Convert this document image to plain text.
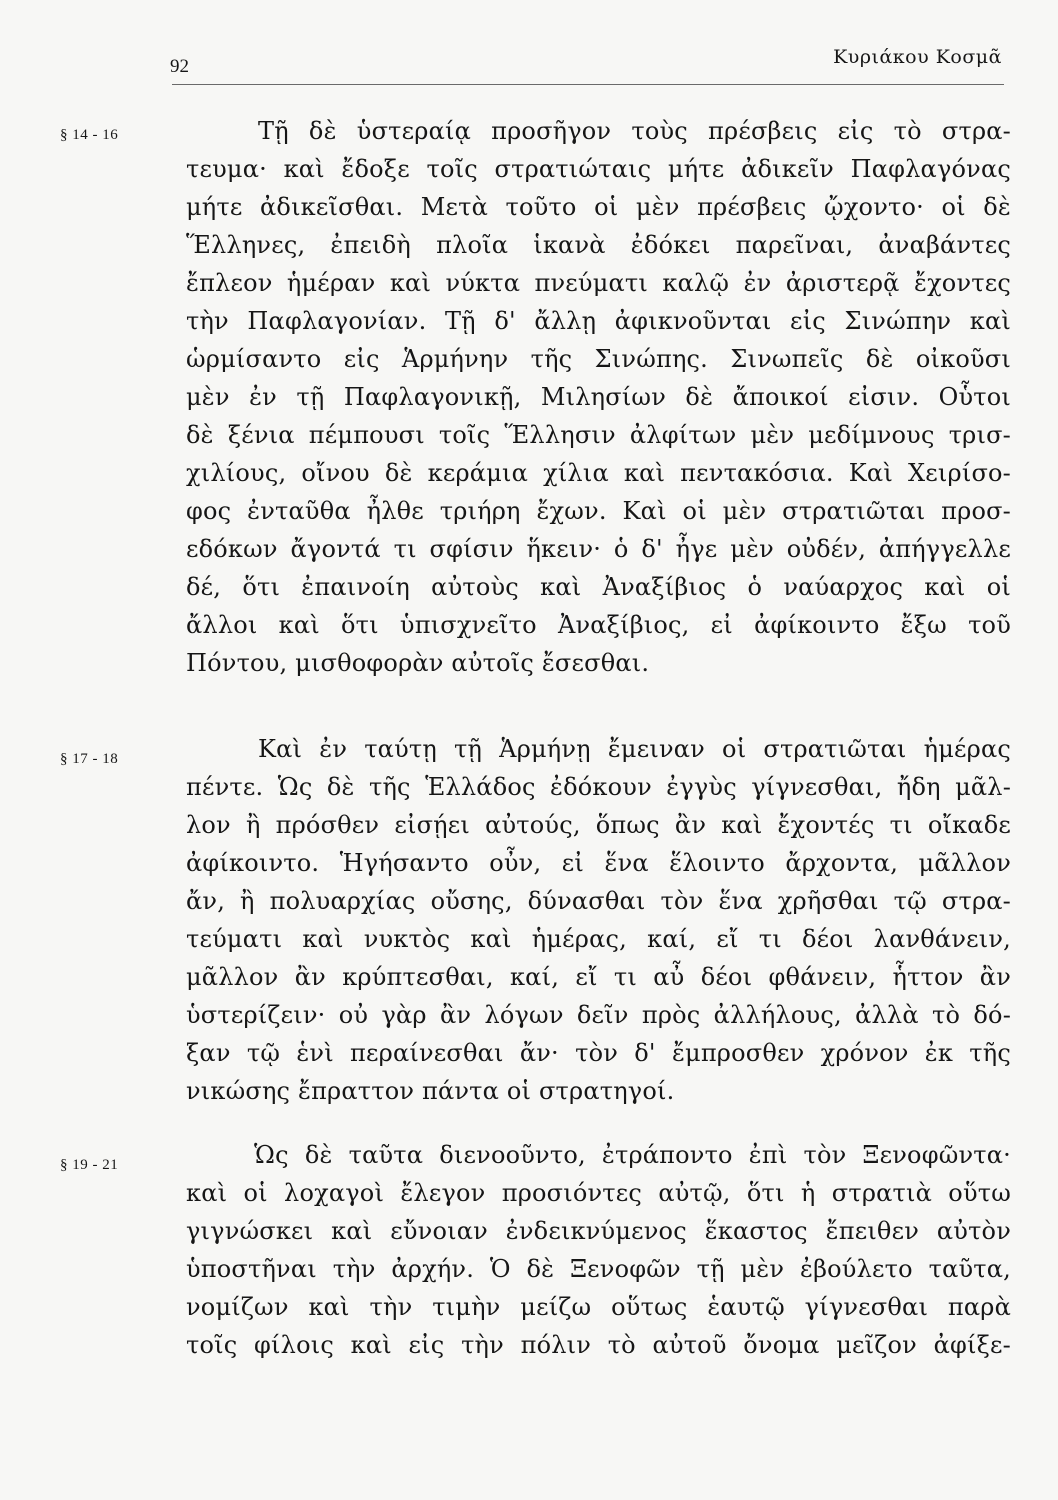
92	Κυριάκου Κοσμᾶ
§ 14 - 16	Τῇ δὲ ὑστεραίᾳ προσῆγον τοὺς πρέσβεις εἰς τὸ στρα-
τευμα· καὶ ἔδοξε τοῖς στρατιώταις μήτε ἀδικεῖν Παφλαγόνας
μήτε ἀδικεῖσθαι. Μετὰ τοῦτο οἱ μὲν πρέσβεις ᾤχοντο· οἱ δὲ
Ἕλληνες, ἐπειδὴ πλοῖα ἱκανὰ ἐδόκει παρεῖναι, ἀναβάντες
ἔπλεον ἡμέραν καὶ νύκτα πνεύματι καλῷ ἐν ἀριστερᾷ ἔχοντες
τὴν Παφλαγονίαν. Τῇ δ' ἄλλῃ ἀφικνοῦνται εἰς Σινώπην καὶ
ὡρμίσαντο εἰς Ἁρμήνην τῆς Σινώπης. Σινωπεῖς δὲ οἰκοῦσι
μὲν ἐν τῇ Παφλαγονικῇ, Μιλησίων δὲ ἄποικοί εἰσιν. Οὗτοι
δὲ ξένια πέμπουσι τοῖς Ἕλλησιν ἀλφίτων μὲν μεδίμνους τρισ-
χιλίους, οἴνου δὲ κεράμια χίλια καὶ πεντακόσια. Καὶ Χειρίσο-
φος ἐνταῦθα ἦλθε τριήρη ἔχων. Καὶ οἱ μὲν στρατιῶται προσ-
εδόκων ἄγοντά τι σφίσιν ἥκειν· ὁ δ' ἦγε μὲν οὐδέν, ἀπήγγελλε
δέ, ὅτι ἐπαινοίη αὐτοὺς καὶ Ἀναξίβιος ὁ ναύαρχος καὶ οἱ
ἄλλοι καὶ ὅτι ὑπισχνεῖτο Ἀναξίβιος, εἰ ἀφίκοιντο ἔξω τοῦ
Πόντου, μισθοφορὰν αὐτοῖς ἔσεσθαι.
§ 17 - 18	Καὶ ἐν ταύτῃ τῇ Ἁρμήνῃ ἔμειναν οἱ στρατιῶται ἡμέρας
πέντε. Ὡς δὲ τῆς Ἑλλάδος ἐδόκουν ἐγγὺς γίγνεσθαι, ἤδη μᾶλ-
λον ἢ πρόσθεν εἰσῄει αὐτούς, ὅπως ἂν καὶ ἔχοντές τι οἴκαδε
ἀφίκοιντο. Ἡγήσαντο οὖν, εἰ ἕνα ἕλοιντο ἄρχοντα, μᾶλλον
ἄν, ἢ πολυαρχίας οὔσης, δύνασθαι τὸν ἕνα χρῆσθαι τῷ στρα-
τεύματι καὶ νυκτὸς καὶ ἡμέρας, καί, εἴ τι δέοι λανθάνειν,
μᾶλλον ἂν κρύπτεσθαι, καί, εἴ τι αὖ δέοι φθάνειν, ἧττον ἂν
ὑστερίζειν· οὐ γὰρ ἂν λόγων δεῖν πρὸς ἀλλήλους, ἀλλὰ τὸ δό-
ξαν τῷ ἑνὶ περαίνεσθαι ἄν· τὸν δ' ἔμπροσθεν χρόνον ἐκ τῆς
νικώσης ἔπραττον πάντα οἱ στρατηγοί.
§ 19 - 21	Ὡς δὲ ταῦτα διενοοῦντο, ἐτράποντο ἐπὶ τὸν Ξενοφῶντα·
καὶ οἱ λοχαγοὶ ἔλεγον προσιόντες αὐτῷ, ὅτι ἡ στρατιὰ οὕτω
γιγνώσκει καὶ εὔνοιαν ἐνδεικνύμενος ἕκαστος ἔπειθεν αὐτὸν
ὑποστῆναι τὴν ἀρχήν. Ὁ δὲ Ξενοφῶν τῇ μὲν ἐβούλετο ταῦτα,
νομίζων καὶ τὴν τιμὴν μείζω οὕτως ἑαυτῷ γίγνεσθαι παρὰ
τοῖς φίλοις καὶ εἰς τὴν πόλιν τὸ αὐτοῦ ὄνομα μεῖζον ἀφίξε-
